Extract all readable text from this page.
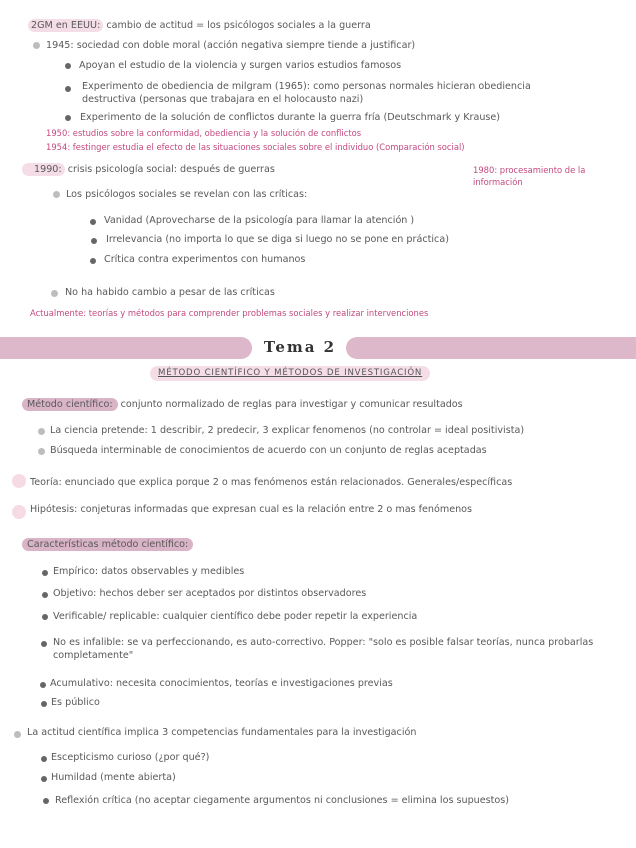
2GM en EEUU: cambio de actitud = los psicólogos sociales a la guerra
1945: sociedad con doble moral (acción negativa siempre tiende a justificar)
Apoyan el estudio de la violencia y surgen varios estudios famosos
Experimento de obediencia de milgram (1965): como personas normales hicieran obediencia
destructiva (personas que trabajara en el holocausto nazi)
Experimento de la solución de conflictos durante la guerra fría (Deutschmark y Krause)
1950: estudios sobre la conformidad, obediencia y la solución de conflictos
1954: festinger estudia el efecto de las situaciones sociales sobre el individuo (Comparación social)
1990: crisis psicología social: después de guerras	1980: procesamiento de la
información
Los psicólogos sociales se revelan con las críticas:
Vanidad (Aprovecharse de la psicología para llamar la atención )
Irrelevancia (no importa lo que se diga si luego no se pone en práctica)
Crítica contra experimentos con humanos
No ha habido cambio a pesar de las críticas
Actualmente: teorías y métodos para comprender problemas sociales y realizar intervenciones
Tema 2
MÉTODO CIENTÍFICO Y MÉTODOS DE INVESTIGACIÓN
Método científico: conjunto normalizado de reglas para investigar y comunicar resultados
La ciencia pretende: 1 describir, 2 predecir, 3 explicar fenomenos (no controlar = ideal positivista)
Búsqueda interminable de conocimientos de acuerdo con un conjunto de reglas aceptadas
Teoría: enunciado que explica porque 2 o mas fenómenos están relacionados. Generales/específicas
Hipótesis: conjeturas informadas que expresan cual es la relación entre 2 o mas fenómenos
Características método científico:
Empírico: datos observables y medibles
Objetivo: hechos deber ser aceptados por distintos observadores
Verificable/ replicable: cualquier científico debe poder repetir la experiencia
No es infalible: se va perfeccionando, es auto-correctivo. Popper: "solo es posible falsar teorías, nunca probarlas
completamente"
Acumulativo: necesita conocimientos, teorías e investigaciones previas
Es público
La actitud científica implica 3 competencias fundamentales para la investigación
Escepticismo curioso (¿por qué?)
Humildad (mente abierta)
Reflexión crítica (no aceptar ciegamente argumentos ni conclusiones = elimina los supuestos)
